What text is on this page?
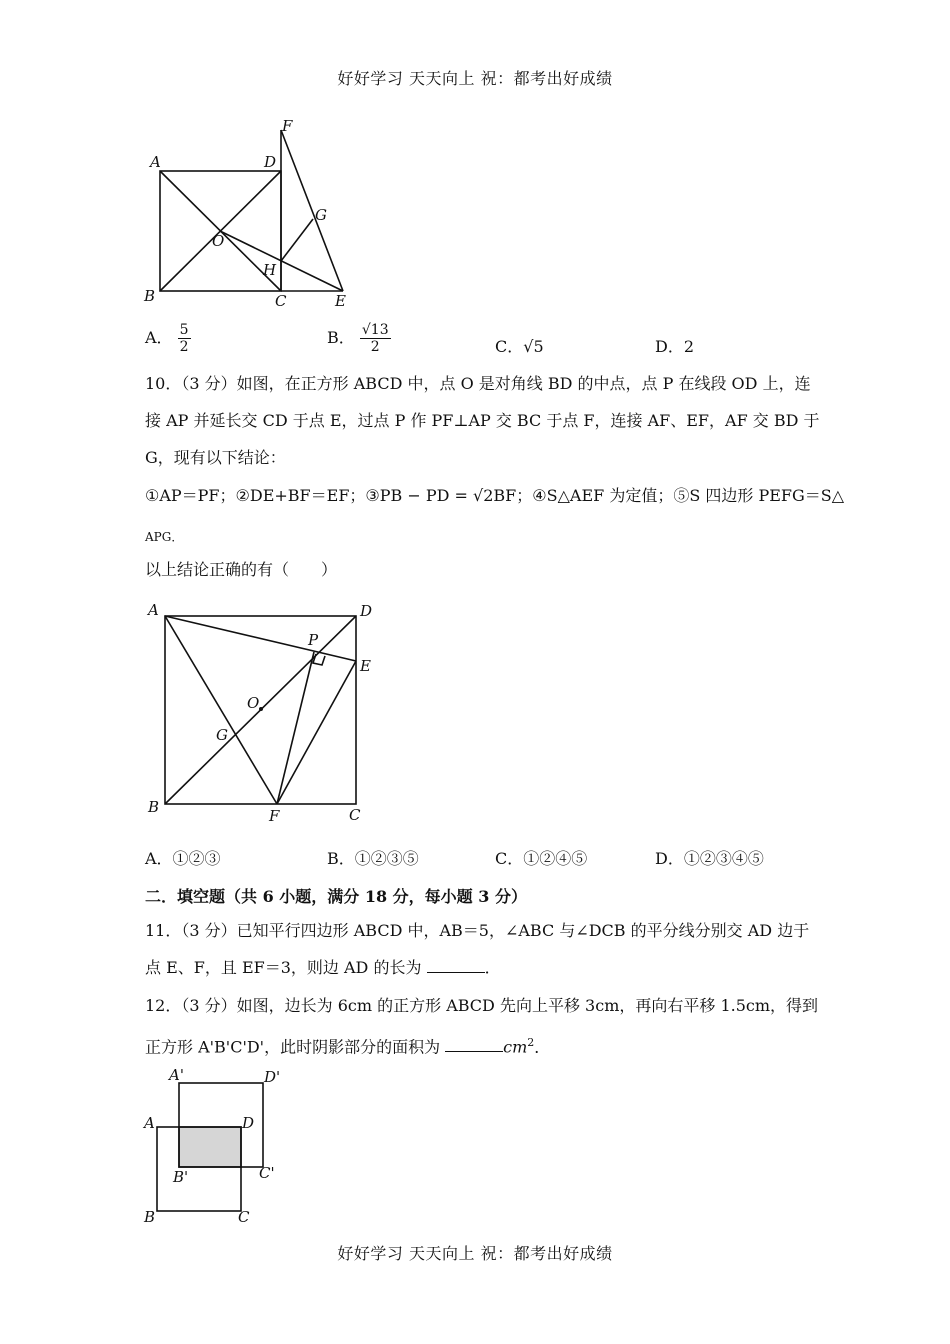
好好学习 天天向上 祝：都考出好成绩
A	D
F
G
O
H
B	C	E
A． $\frac{5}{2}$	B． $\frac{√13}{2}$	C．√5	D．2
10．（3 分）如图，在正方形 ABCD 中，点 O 是对角线 BD 的中点，点 P 在线段 OD 上，连
接 AP 并延长交 CD 于点 E，过点 P 作 PF⊥AP 交 BC 于点 F，连接 AF、EF，AF 交 BD 于
G，现有以下结论：
①AP＝PF；②DE+BF＝EF；③PB − PD = √2BF；④S△AEF 为定值；⑤S 四边形 PEFG＝S△
APG．
以上结论正确的有（　　）
A	D
P
E
O
G
B	F	C
A．①②③	B．①②③⑤	C．①②④⑤	D．①②③④⑤
二．填空题（共 6 小题，满分 18 分，每小题 3 分）
11．（3 分）已知平行四边形 ABCD 中，AB＝5，∠ABC 与∠DCB 的平分线分别交 AD 边于
点 E、F，且 EF＝3，则边 AD 的长为	．
12．（3 分）如图，边长为 6cm 的正方形 ABCD 先向上平移 3cm，再向右平移 1.5cm，得到
正方形 A'B'C'D'，此时阴影部分的面积为	$cm^2$．
A'	D'
A	D
B'	C'
B	C
好好学习 天天向上 祝：都考出好成绩
